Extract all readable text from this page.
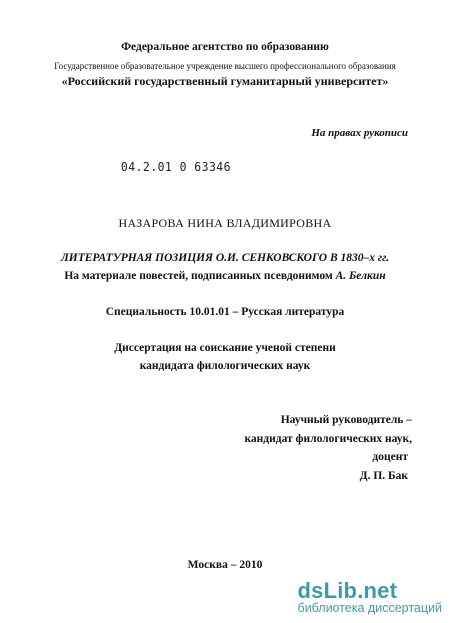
Федеральное агентство по образованию
Государственное образовательное учреждение высшего профессионального образования
«Российский государственный гуманитарный университет»
На правах рукописи
04.2.01 0 63346
НАЗАРОВА НИНА ВЛАДИМИРОВНА
ЛИТЕРАТУРНАЯ ПОЗИЦИЯ О.И. СЕНКОВСКОГО В 1830–х гг.
На материале повестей, подписанных псевдонимом А. Белкин
Специальность 10.01.01 – Русская литература
Диссертация на соискание ученой степени
кандидата филологических наук
Научный руководитель –
кандидат филологических наук,
доцент
Д. П. Бак
Москва – 2010
dsLib.net
библиотека диссертаций
